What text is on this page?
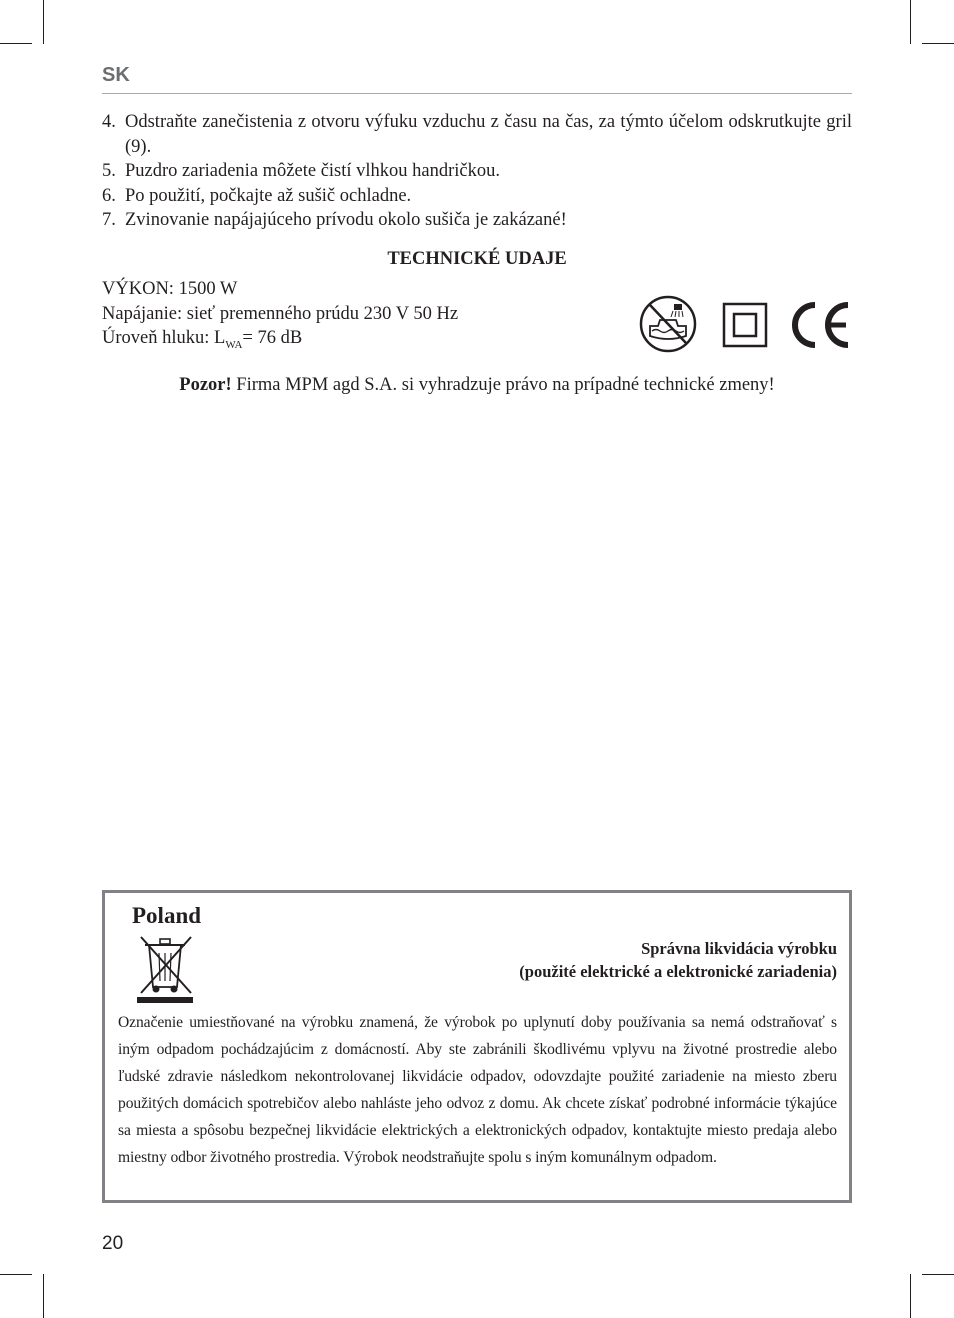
SK
4. Odstraňte zanečistenia z otvoru výfuku vzduchu z času na čas, za týmto účelom odskrutkujte gril (9).
5. Puzdro zariadenia môžete čistí vlhkou handričkou.
6. Po použití, počkajte až sušič ochladne.
7. Zvinovanie napájajúceho prívodu okolo sušiča je zakázané!
TECHNICKÉ UDAJE
VÝKON: 1500 W
Napájanie: sieť premenného prúdu 230 V 50 Hz
Úroveň hluku: $L_{WA}= 76$ dB
Pozor! Firma MPM agd S.A. si vyhradzuje právo na prípadné technické zmeny!
Poland
Správna likvidácia výrobku
(použité elektrické a elektronické zariadenia)
Označenie umiestňované na výrobku znamená, že výrobok po uplynutí doby používania sa nemá odstraňovať s iným odpadom pochádzajúcim z domácností. Aby ste zabránili škodlivému vplyvu na životné prostredie alebo ľudské zdravie následkom nekontrolovanej likvidácie odpadov, odovzdajte použité zariadenie na miesto zberu použitých domácich spotrebičov alebo nahláste jeho odvoz z domu. Ak chcete získať podrobné informácie týkajúce sa miesta a spôsobu bezpečnej likvidácie elektrických a elektronických odpadov, kontaktujte miesto predaja alebo miestny odbor životného prostredia. Výrobok neodstraňujte spolu s iným komunálnym odpadom.
20
